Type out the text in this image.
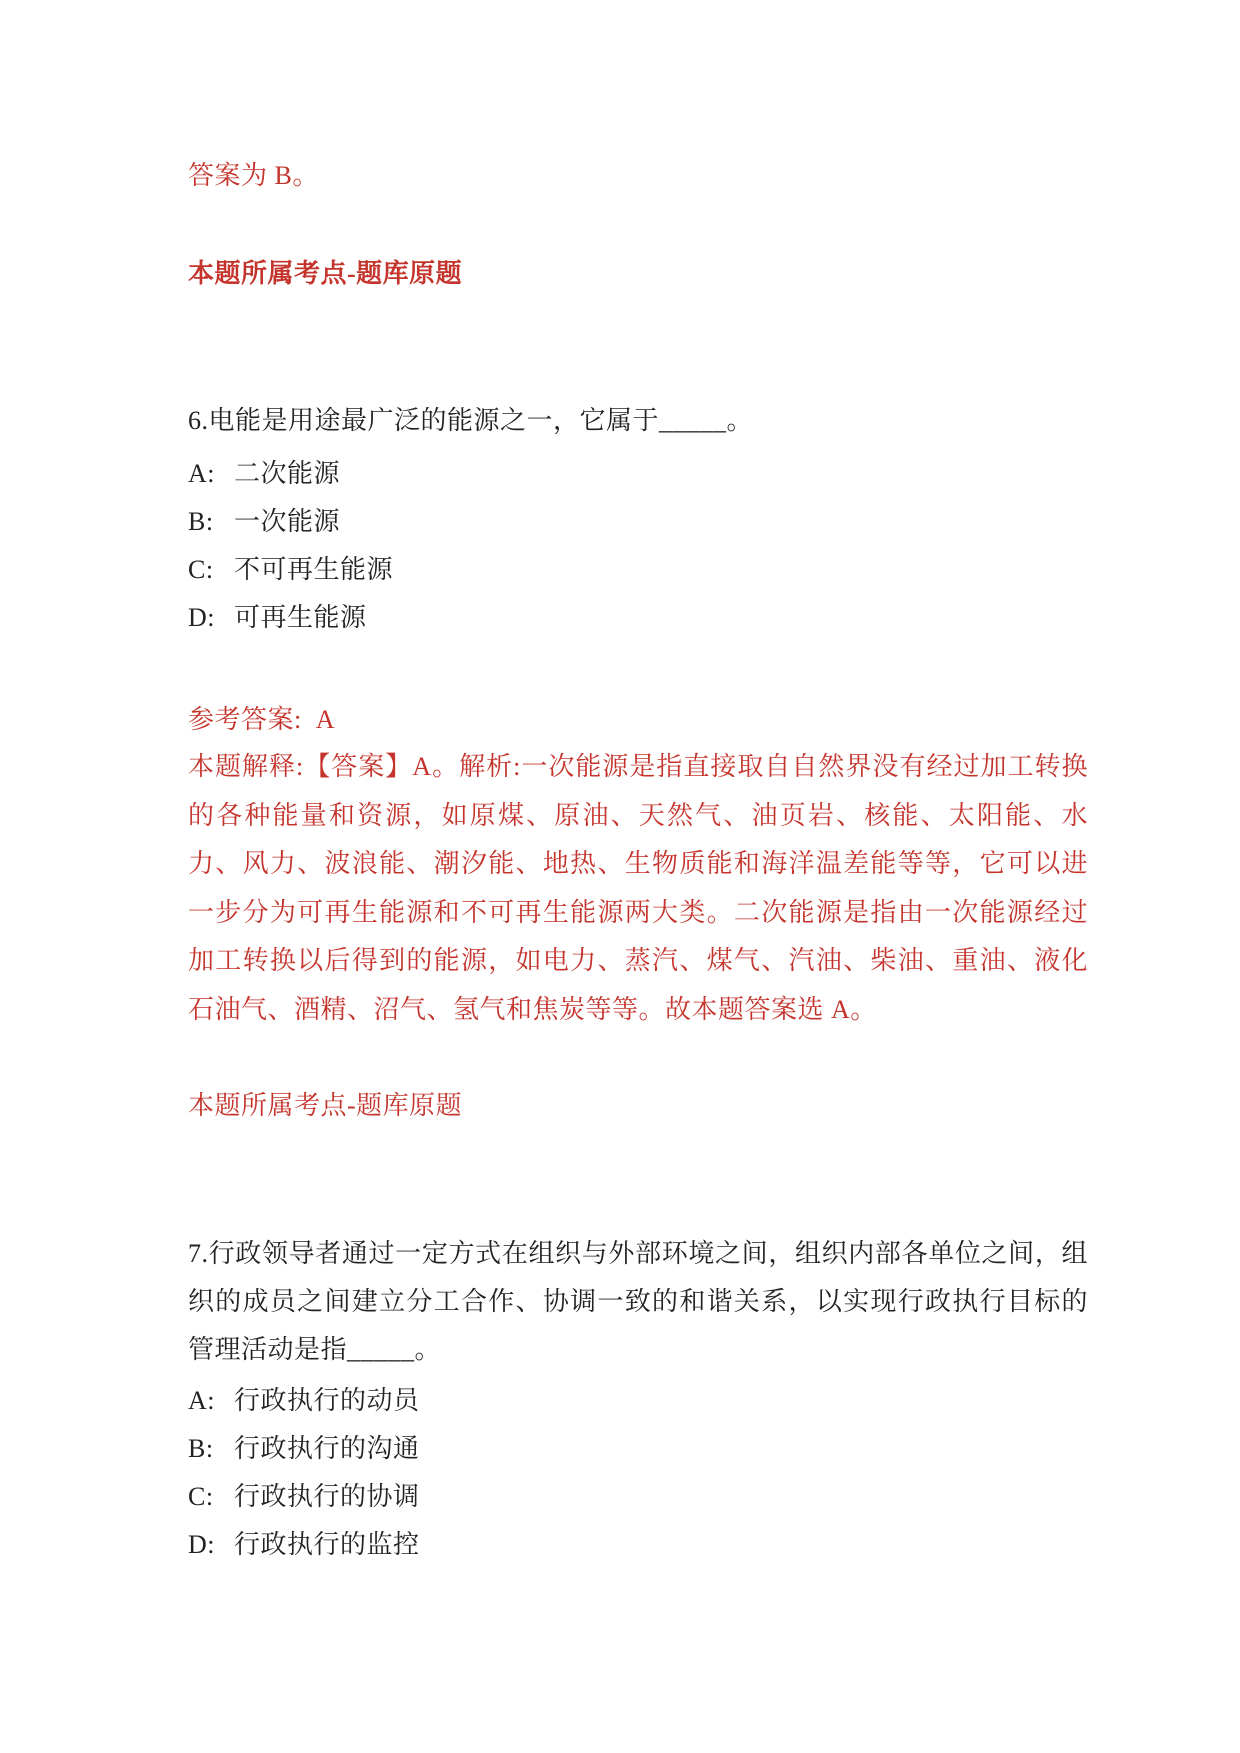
答案为 B。
本题所属考点-题库原题
6.电能是用途最广泛的能源之一，它属于_____。
A: 二次能源
B: 一次能源
C: 不可再生能源
D: 可再生能源
参考答案: A
本题解释:【答案】A。解析:一次能源是指直接取自自然界没有经过加工转换的各种能量和资源，如原煤、原油、天然气、油页岩、核能、太阳能、水力、风力、波浪能、潮汐能、地热、生物质能和海洋温差能等等，它可以进一步分为可再生能源和不可再生能源两大类。二次能源是指由一次能源经过加工转换以后得到的能源，如电力、蒸汽、煤气、汽油、柴油、重油、液化石油气、酒精、沼气、氢气和焦炭等等。故本题答案选 A。
本题所属考点-题库原题
7.行政领导者通过一定方式在组织与外部环境之间，组织内部各单位之间，组织的成员之间建立分工合作、协调一致的和谐关系，以实现行政执行目标的管理活动是指_____。
A: 行政执行的动员
B: 行政执行的沟通
C: 行政执行的协调
D: 行政执行的监控
